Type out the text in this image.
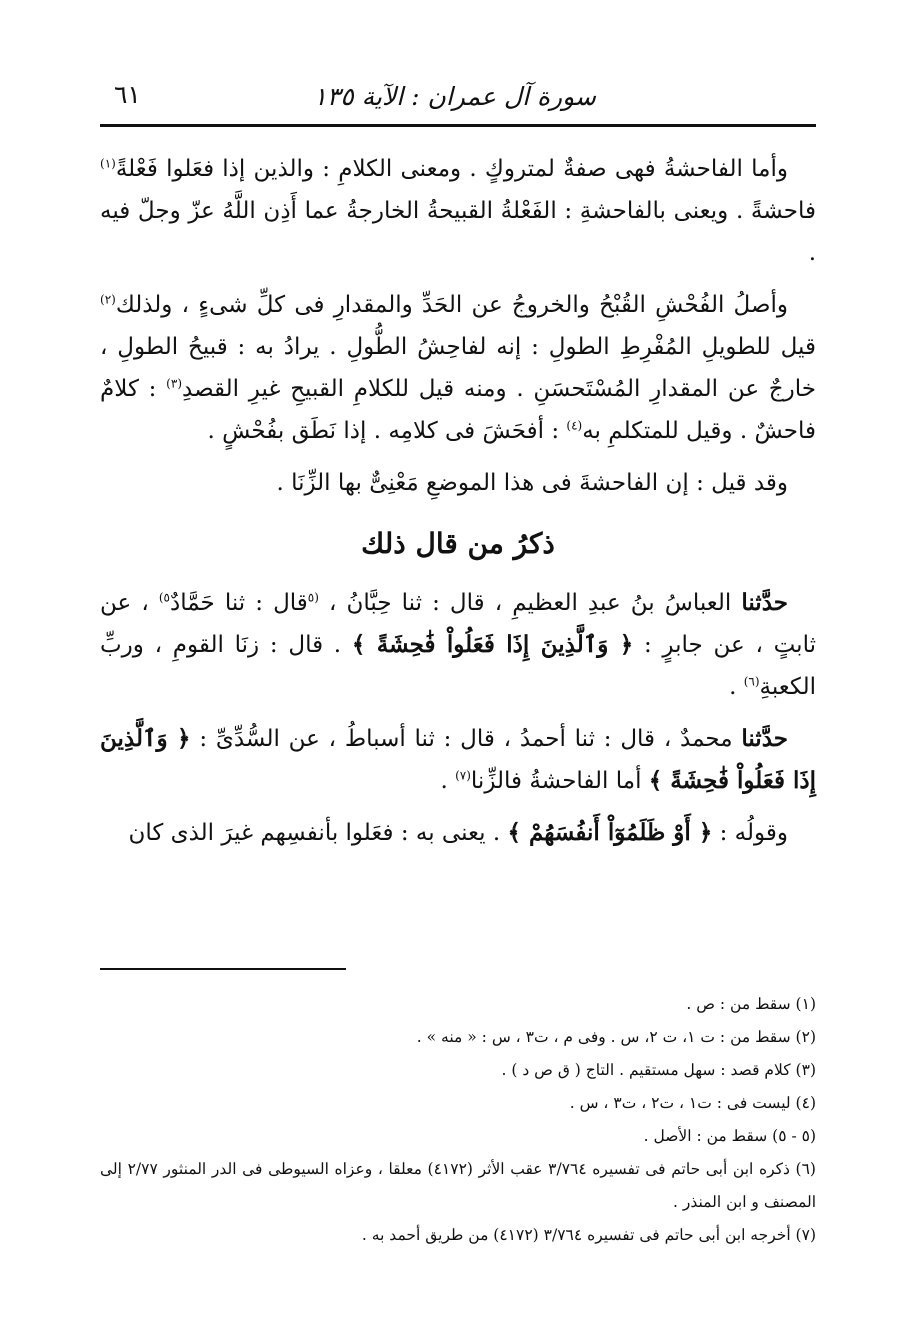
سورة آل عمران : الآية ١٣٥
٦١

وأما الفاحشةُ فهى صفةٌ لمتروكٍ . ومعنى الكلامِ : والذين إذا فعَلوا فَعْلةً$^{(١)}$ فاحشةً . ويعنى بالفاحشةِ : الفَعْلةُ القبيحةُ الخارجةُ عما أَذِن اللَّهُ عزّ وجلّ فيه .

وأصلُ الفُحْشِ القُبْحُ والخروجُ عن الحَدِّ والمقدارِ فى كلِّ شىءٍ ، ولذلك$^{(٢)}$ قيل للطويلِ المُفْرِطِ الطولِ : إنه لفاحِشُ الطُّولِ . يرادُ به : قبيحُ الطولِ ، خارجٌ عن المقدارِ المُسْتَحسَنِ . ومنه قيل للكلامِ القبيحِ غيرِ القصدِ$^{(٣)}$ : كلامٌ فاحشٌ . وقيل للمتكلمِ به$^{(٤)}$ : أفحَشَ فى كلامِه . إذا نَطَق بفُحْشٍ .

وقد قيل : إن الفاحشةَ فى هذا الموضعِ مَعْنِىٌّ بها الزِّنَا .

ذكرُ من قال ذلك

حدَّثنا العباسُ بنُ عبدِ العظيمِ ، قال : ثنا حِبَّانُ ، $^{(٥}$قال : ثنا حَمَّادٌ$^{٥)}$ ، عن ثابتٍ ، عن جابرٍ : ﴿ وَٱلَّذِينَ إِذَا فَعَلُواْ فَٰحِشَةً ﴾ . قال : زنَا القومِ ، وربِّ الكعبةِ$^{(٦)}$ .

حدَّثنا محمدٌ ، قال : ثنا أحمدُ ، قال : ثنا أسباطُ ، عن السُّدِّىِّ : ﴿ وَٱلَّذِينَ إِذَا فَعَلُواْ فَٰحِشَةً ﴾ أما الفاحشةُ فالزِّنا$^{(٧)}$ .

وقولُه : ﴿ أَوْ ظَلَمُوٓاْ أَنفُسَهُمْ ﴾ . يعنى به : فعَلوا بأنفسِهم غيرَ الذى كان

(١) سقط من : ص .

(٢) سقط من : ت ١، ت ٢، س . وفى م ، ت٣ ، س : « منه » .

(٣) كلام قصد : سهل مستقيم . التاج ( ق ص د ) .

(٤) ليست فى : ت١ ، ت٢ ، ت٣ ، س .

(٥ - ٥) سقط من : الأصل .

(٦) ذكره ابن أبى حاتم فى تفسيره ٣/٧٦٤ عقب الأثر (٤١٧٢) معلقا ، وعزاه السيوطى فى الدر المنثور ٢/٧٧ إلى المصنف و ابن المنذر .

(٧) أخرجه ابن أبى حاتم فى تفسيره ٣/٧٦٤ (٤١٧٢) من طريق أحمد به .
